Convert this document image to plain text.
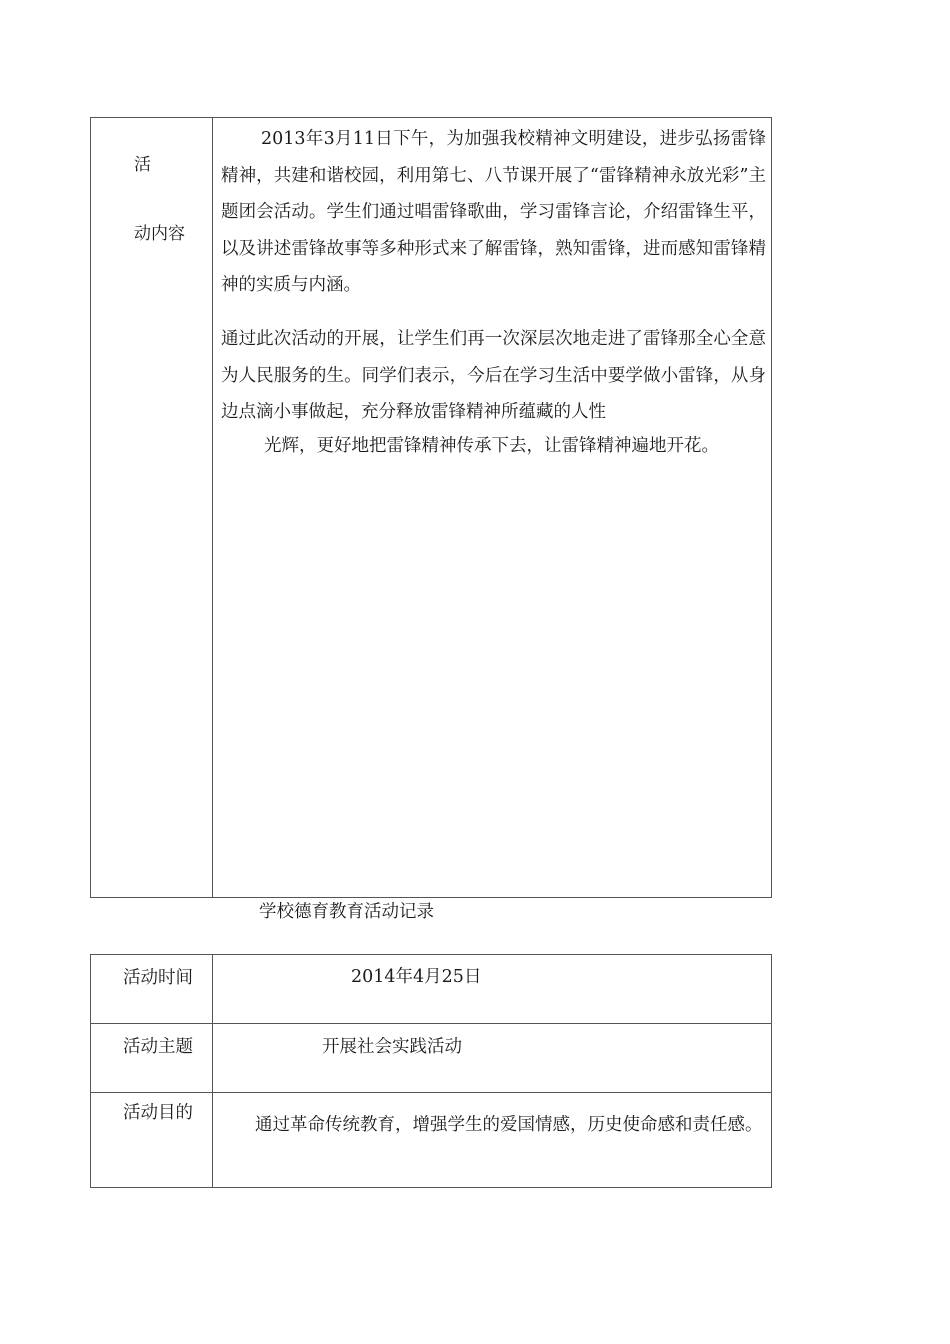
活
动内容
2013年3月11日下午，为加强我校精神文明建设，进步弘扬雷锋精神，共建和谐校园，利用第七、八节课开展了“雷锋精神永放光彩”主题团会活动。学生们通过唱雷锋歌曲，学习雷锋言论，介绍雷锋生平，以及讲述雷锋故事等多种形式来了解雷锋，熟知雷锋，进而感知雷锋精神的实质与内涵。
通过此次活动的开展，让学生们再一次深层次地走进了雷锋那全心全意为人民服务的生。同学们表示，今后在学习生活中要学做小雷锋，从身边点滴小事做起，充分释放雷锋精神所蕴藏的人性
光辉，更好地把雷锋精神传承下去，让雷锋精神遍地开花。
学校德育教育活动记录
活动时间	2014年4月25日
活动主题	开展社会实践活动
活动目的
通过革命传统教育，增强学生的爱国情感，历史使命感和责任感。
